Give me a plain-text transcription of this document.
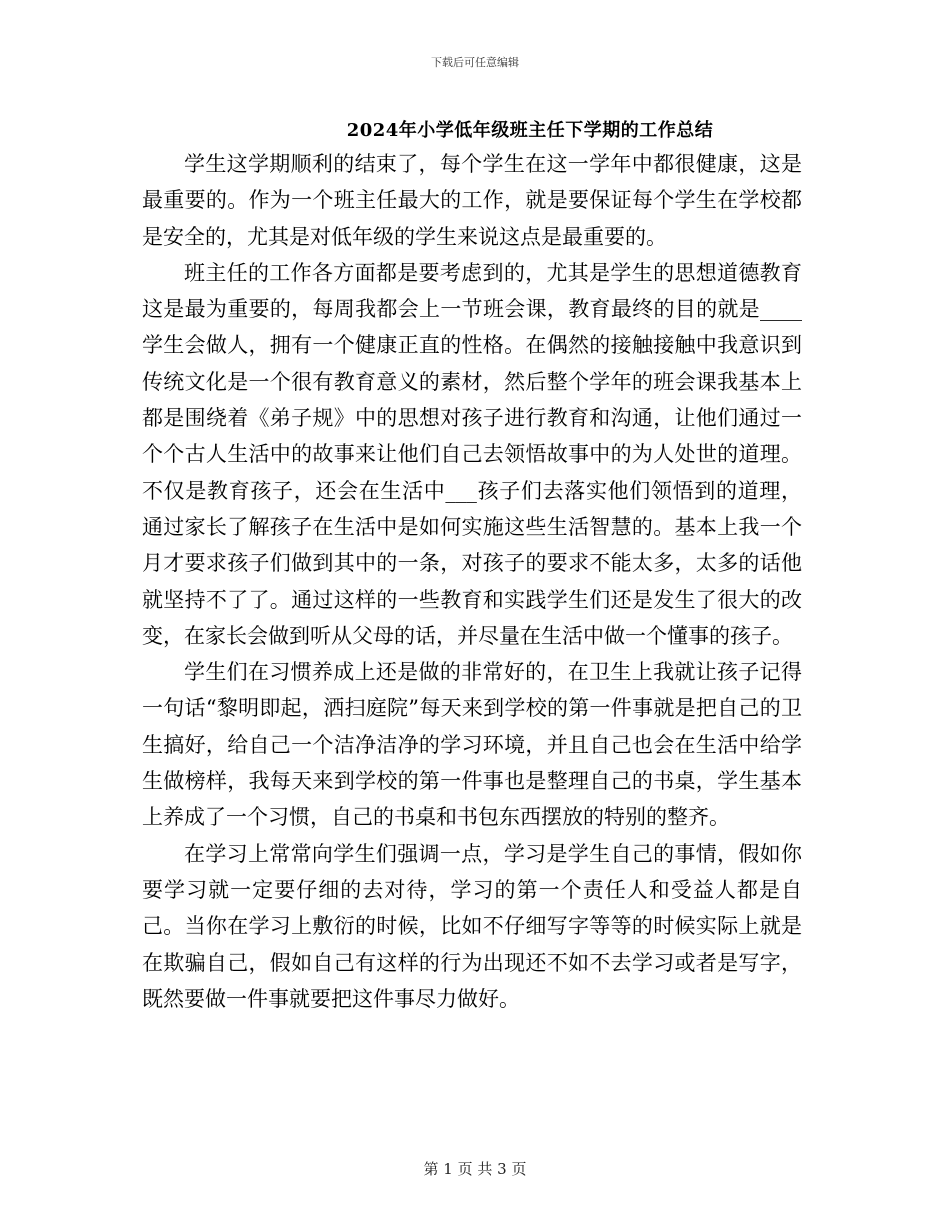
下载后可任意编辑
2024年小学低年级班主任下学期的工作总结

学生这学期顺利的结束了，每个学生在这一学年中都很健康，这是最重要的。作为一个班主任最大的工作，就是要保证每个学生在学校都是安全的，尤其是对低年级的学生来说这点是最重要的。

班主任的工作各方面都是要考虑到的，尤其是学生的思想道德教育这是最为重要的，每周我都会上一节班会课，教育最终的目的就是____学生会做人，拥有一个健康正直的性格。在偶然的接触接触中我意识到传统文化是一个很有教育意义的素材，然后整个学年的班会课我基本上都是围绕着《弟子规》中的思想对孩子进行教育和沟通，让他们通过一个个古人生活中的故事来让他们自己去领悟故事中的为人处世的道理。不仅是教育孩子，还会在生活中___孩子们去落实他们领悟到的道理，通过家长了解孩子在生活中是如何实施这些生活智慧的。基本上我一个月才要求孩子们做到其中的一条，对孩子的要求不能太多，太多的话他就坚持不了了。通过这样的一些教育和实践学生们还是发生了很大的改变，在家长会做到听从父母的话，并尽量在生活中做一个懂事的孩子。

学生们在习惯养成上还是做的非常好的，在卫生上我就让孩子记得一句话“黎明即起，洒扫庭院”每天来到学校的第一件事就是把自己的卫生搞好，给自己一个洁净洁净的学习环境，并且自己也会在生活中给学生做榜样，我每天来到学校的第一件事也是整理自己的书桌，学生基本上养成了一个习惯，自己的书桌和书包东西摆放的特别的整齐。

在学习上常常向学生们强调一点，学习是学生自己的事情，假如你要学习就一定要仔细的去对待，学习的第一个责任人和受益人都是自己。当你在学习上敷衍的时候，比如不仔细写字等等的时候实际上就是在欺骗自己，假如自己有这样的行为出现还不如不去学习或者是写字，既然要做一件事就要把这件事尽力做好。

第 1 页 共 3 页
